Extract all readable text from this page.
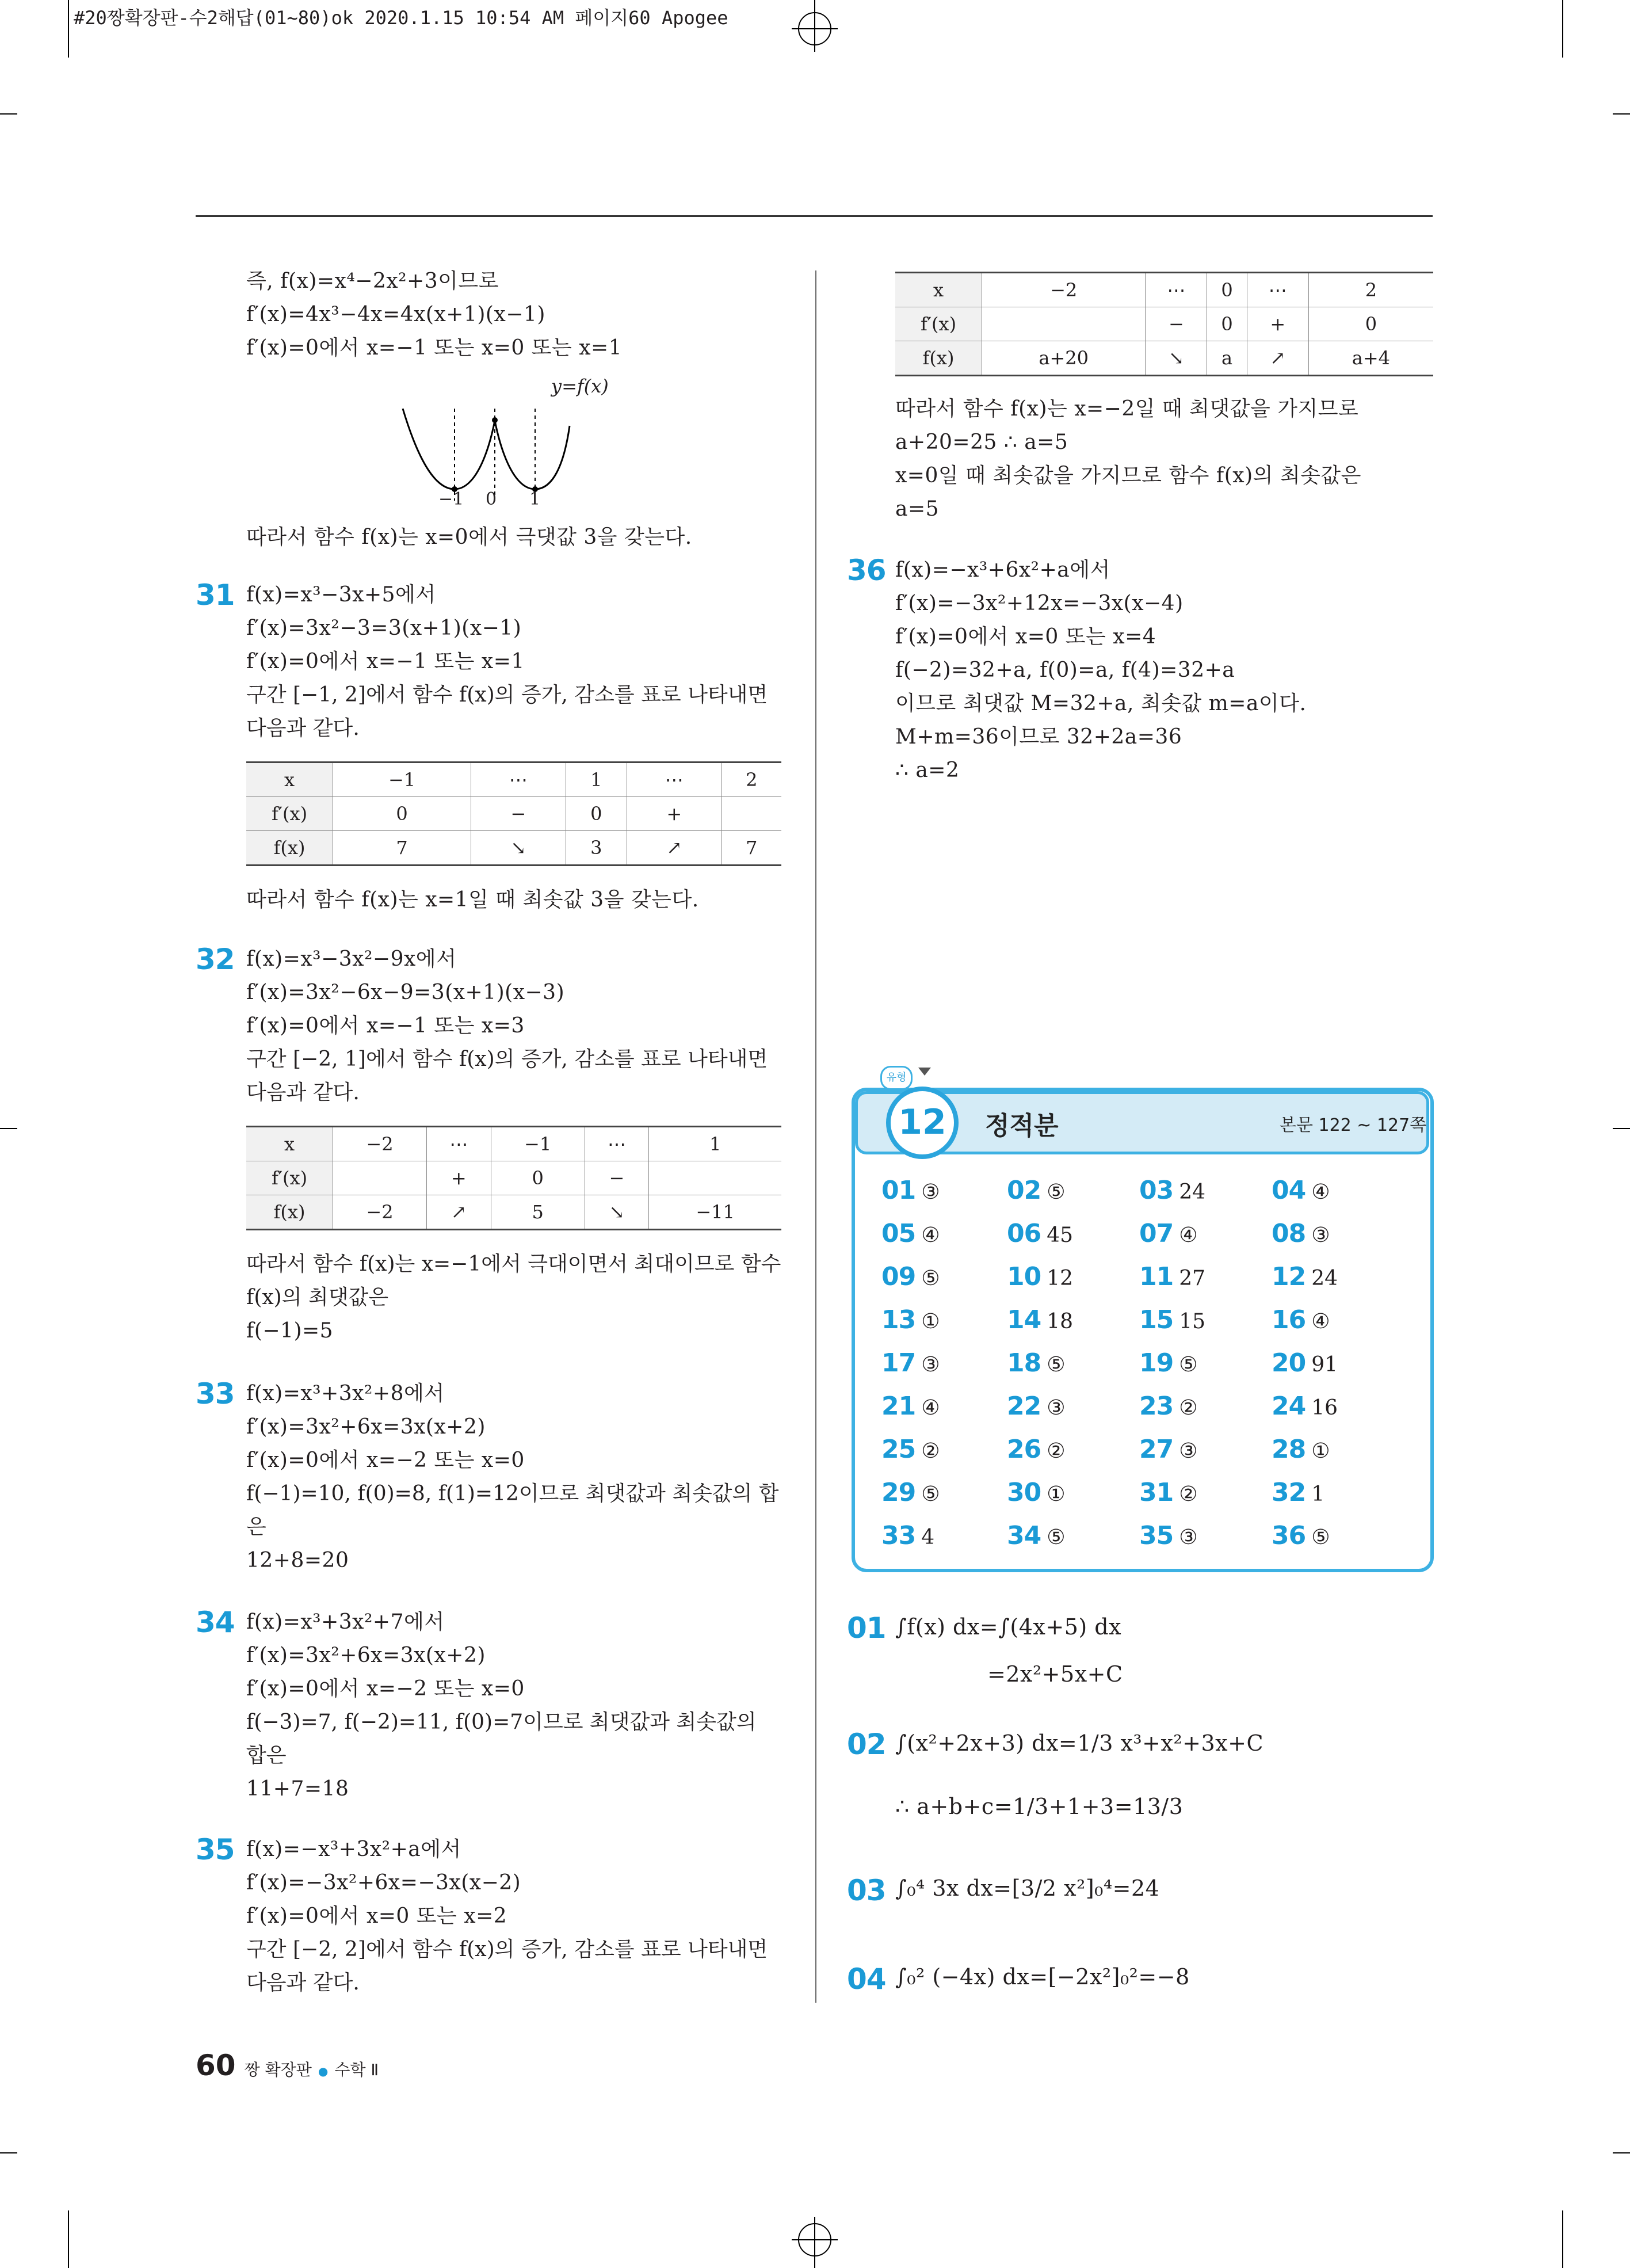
#20짱확장판-수2해답(01~80)ok 2020.1.15 10:54 AM 페이지60 Apogee
즉, f(x)=x⁴−2x²+3이므로
f′(x)=4x³−4x=4x(x+1)(x−1)
f′(x)=0에서 x=−1 또는 x=0 또는 x=1
y=f(x)
−1 0 1
따라서 함수 f(x)는 x=0에서 극댓값 3을 갖는다.
31 f(x)=x³−3x+5에서
f′(x)=3x²−3=3(x+1)(x−1)
f′(x)=0에서 x=−1 또는 x=1
구간 [−1, 2]에서 함수 f(x)의 증가, 감소를 표로 나타내면 다음과 같다.
x	−1	⋯	1	⋯	2
f′(x)	0	−	0	+	
f(x)	7	↘	3	↗	7
따라서 함수 f(x)는 x=1일 때 최솟값 3을 갖는다.
32 f(x)=x³−3x²−9x에서
f′(x)=3x²−6x−9=3(x+1)(x−3)
f′(x)=0에서 x=−1 또는 x=3
구간 [−2, 1]에서 함수 f(x)의 증가, 감소를 표로 나타내면 다음과 같다.
x	−2	⋯	−1	⋯	1
f′(x)		+	0	−	
f(x)	−2	↗	5	↘	−11
따라서 함수 f(x)는 x=−1에서 극대이면서 최대이므로 함수 f(x)의 최댓값은
f(−1)=5
33 f(x)=x³+3x²+8에서
f′(x)=3x²+6x=3x(x+2)
f′(x)=0에서 x=−2 또는 x=0
f(−1)=10, f(0)=8, f(1)=12이므로 최댓값과 최솟값의 합은
12+8=20
34 f(x)=x³+3x²+7에서
f′(x)=3x²+6x=3x(x+2)
f′(x)=0에서 x=−2 또는 x=0
f(−3)=7, f(−2)=11, f(0)=7이므로 최댓값과 최솟값의 합은
11+7=18
35 f(x)=−x³+3x²+a에서
f′(x)=−3x²+6x=−3x(x−2)
f′(x)=0에서 x=0 또는 x=2
구간 [−2, 2]에서 함수 f(x)의 증가, 감소를 표로 나타내면 다음과 같다.
x	−2	⋯	0	⋯	2
f′(x)		−	0	+	0
f(x)	a+20	↘	a	↗	a+4
따라서 함수 f(x)는 x=−2일 때 최댓값을 가지므로
a+20=25 ∴ a=5
x=0일 때 최솟값을 가지므로 함수 f(x)의 최솟값은
a=5
36 f(x)=−x³+6x²+a에서
f′(x)=−3x²+12x=−3x(x−4)
f′(x)=0에서 x=0 또는 x=4
f(−2)=32+a, f(0)=a, f(4)=32+a
이므로 최댓값 M=32+a, 최솟값 m=a이다.
M+m=36이므로 32+2a=36
∴ a=2
유형
12	정적분	본문 122 ~ 127쪽
01 ③	02 ⑤	03 24	04 ④
05 ④	06 45	07 ④	08 ③
09 ⑤	10 12	11 27	12 24
13 ①	14 18	15 15	16 ④
17 ③	18 ⑤	19 ⑤	20 91
21 ④	22 ③	23 ②	24 16
25 ②	26 ②	27 ③	28 ①
29 ⑤	30 ①	31 ②	32 1
33 4	34 ⑤	35 ③	36 ⑤
01 ∫f(x) dx=∫(4x+5) dx
=2x²+5x+C
02 ∫(x²+2x+3) dx=1/3 x³+x²+3x+C
∴ a+b+c=1/3+1+3=13/3
03 ∫₀⁴ 3x dx=[3/2 x²]₀⁴=24
04 ∫₀² (−4x) dx=[−2x²]₀²=−8
60 짱 확장판 ● 수학 Ⅱ
